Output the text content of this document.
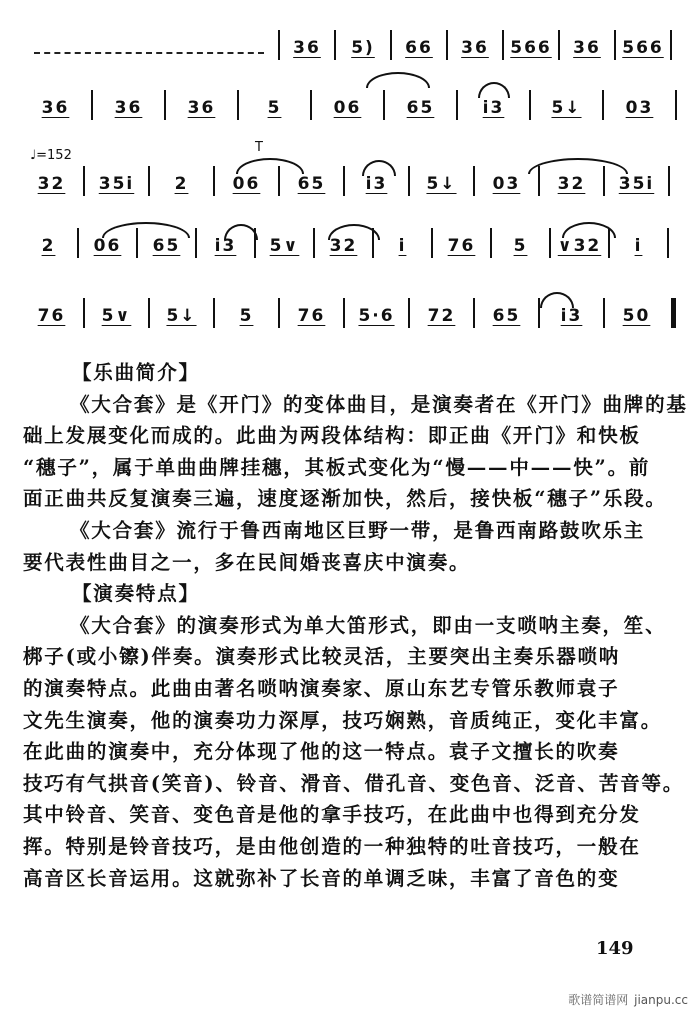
36	5)	66	36	566	36	566
36	36	36	5	06	65	i3	5↓	03
♩=152
32	35i	2	06	65	i3	5↓	03	32	35i
2	06	65	i3	5∨	32	i	76	5	∨32	i
76	5∨	5↓	5	76	5·6	72	65	i3	50
T
【乐曲简介】
《大合套》是《开门》的变体曲目，是演奏者在《开门》曲牌的基
础上发展变化而成的。此曲为两段体结构：即正曲《开门》和快板
“穗子”，属于单曲曲牌挂穗，其板式变化为“慢——中——快”。前
面正曲共反复演奏三遍，速度逐渐加快，然后，接快板“穗子”乐段。
《大合套》流行于鲁西南地区巨野一带，是鲁西南路鼓吹乐主
要代表性曲目之一，多在民间婚丧喜庆中演奏。
【演奏特点】
《大合套》的演奏形式为单大笛形式，即由一支唢呐主奏，笙、
梆子(或小镲)伴奏。演奏形式比较灵活，主要突出主奏乐器唢呐
的演奏特点。此曲由著名唢呐演奏家、原山东艺专管乐教师袁子
文先生演奏，他的演奏功力深厚，技巧娴熟，音质纯正，变化丰富。
在此曲的演奏中，充分体现了他的这一特点。袁子文擅长的吹奏
技巧有气拱音(笑音)、铃音、滑音、借孔音、变色音、泛音、苦音等。
其中铃音、笑音、变色音是他的拿手技巧，在此曲中也得到充分发
挥。特别是铃音技巧，是由他创造的一种独特的吐音技巧，一般在
高音区长音运用。这就弥补了长音的单调乏味，丰富了音色的变
149
歌谱简谱网 jianpu.cc
